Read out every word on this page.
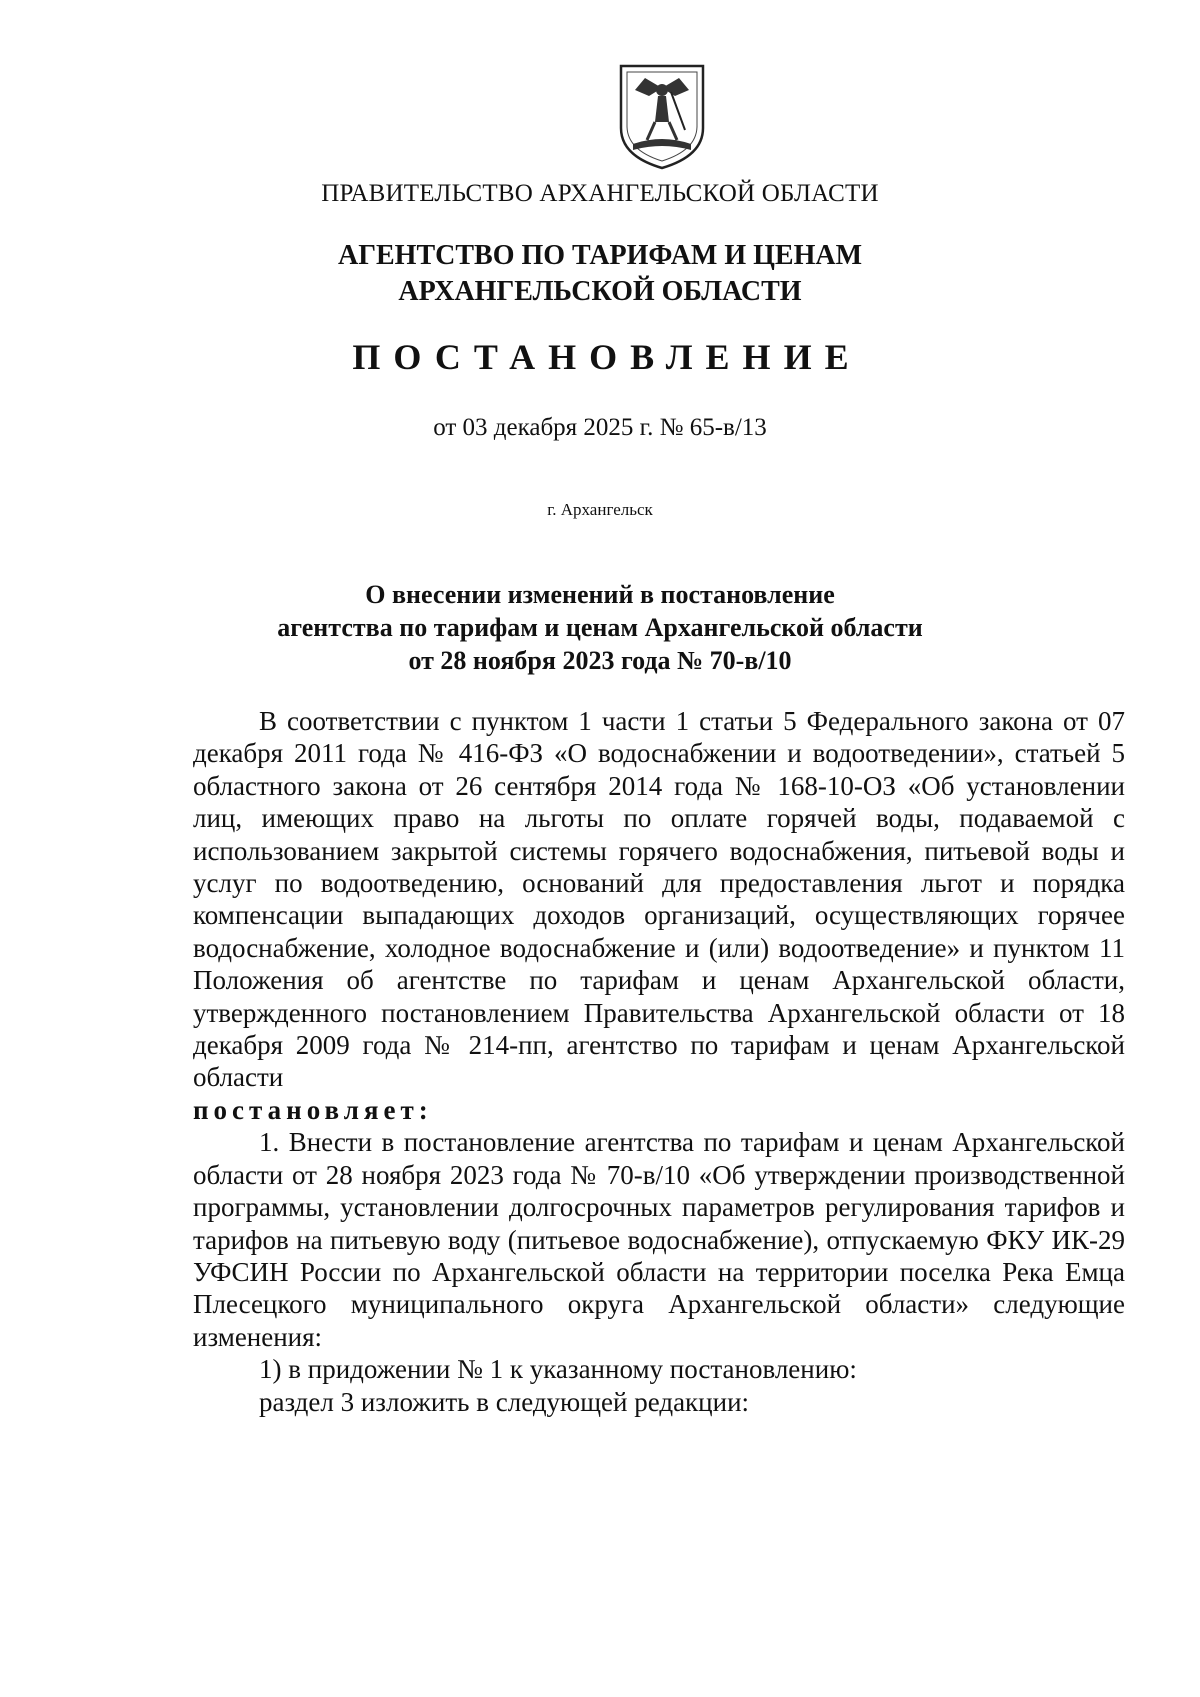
ПРАВИТЕЛЬСТВО АРХАНГЕЛЬСКОЙ ОБЛАСТИ
АГЕНТСТВО ПО ТАРИФАМ И ЦЕНАМ
АРХАНГЕЛЬСКОЙ ОБЛАСТИ
ПОСТАНОВЛЕНИЕ
от 03 декабря 2025 г. № 65-в/13
г. Архангельск
О внесении изменений в постановление
агентства по тарифам и ценам Архангельской области
от 28 ноября 2023 года № 70-в/10

В соответствии с пунктом 1 части 1 статьи 5 Федерального закона от 07 декабря 2011 года № 416-ФЗ «О водоснабжении и водоотведении», статьей 5 областного закона от 26 сентября 2014 года № 168-10-ОЗ «Об установлении лиц, имеющих право на льготы по оплате горячей воды, подаваемой с использованием закрытой системы горячего водоснабжения, питьевой воды и услуг по водоотведению, оснований для предоставления льгот и порядка компенсации выпадающих доходов организаций, осуществляющих горячее водоснабжение, холодное водоснабжение и (или) водоотведение» и пунктом 11 Положения об агентстве по тарифам и ценам Архангельской области, утвержденного постановлением Правительства Архангельской области от 18 декабря 2009 года № 214-пп, агентство по тарифам и ценам Архангельской области

постановляет:

1. Внести в постановление агентства по тарифам и ценам Архангельской области от 28 ноября 2023 года № 70-в/10 «Об утверждении производственной программы, установлении долгосрочных параметров регулирования тарифов и тарифов на питьевую воду (питьевое водоснабжение), отпускаемую ФКУ ИК-29 УФСИН России по Архангельской области на территории поселка Река Емца Плесецкого муниципального округа Архангельской области» следующие изменения:

1) в придожении № 1 к указанному постановлению:

раздел 3 изложить в следующей редакции:
